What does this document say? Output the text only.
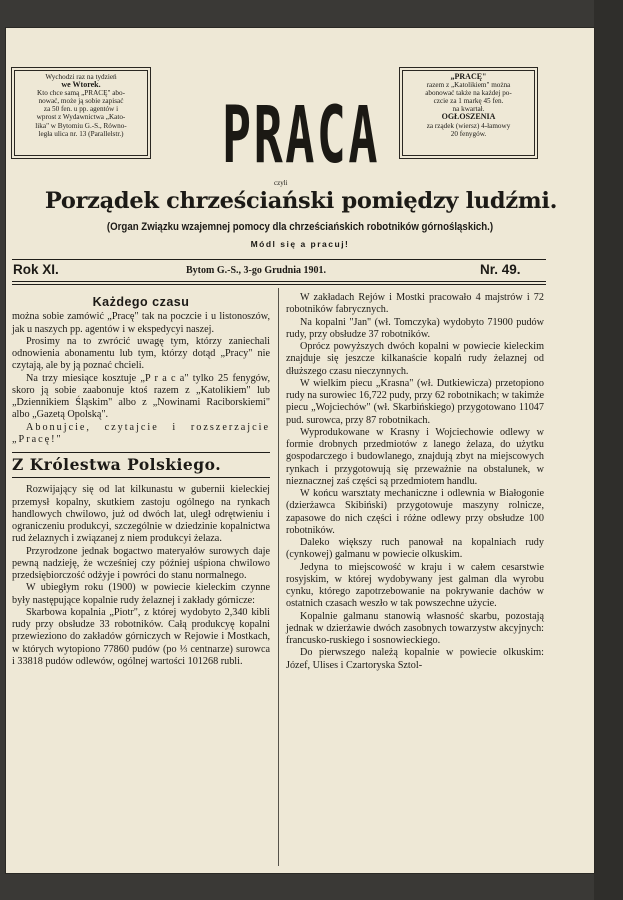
Wychodzi raz na tydzień
we Wtorek.
Kto chce samą „PRACĘ" abo-
nować, może ją sobie zapisać
za 50 fen. u pp. agentów i
wprost z Wydawnictwa „Kato-
lika" w Bytomiu G.-S., Równo-
legła ulica nr. 13 (Parallelstr.)
„PRACĘ"
razem z „Katolikiem" można
abonować także na każdej po-
czcie za 1 markę 45 fen.
na kwartał.
OGŁOSZENIA
za rządek (wiersz) 4-łamowy
20 fenygów.
PRACA
czyli
Porządek chrześciański pomiędzy ludźmi.
(Organ Związku wzajemnej pomocy dla chrześciańskich robotników górnośląskich.)
Módl się a pracuj!
Rok XI.	Bytom G.-S., 3-go Grudnia 1901.	Nr. 49.
Każdego czasu

można sobie zamówić „Pracę" tak na poczcie i u listonoszów, jak u naszych pp. agentów i w ekspedycyi naszej.

Prosimy na to zwrócić uwagę tym, którzy zaniechali odnowienia abonamentu lub tym, którzy dotąd „Pracy" nie czytają, ale by ją poznać chcieli.

Na trzy miesiące kosztuje „P r a c a" tylko 25 fenygów, skoro ją sobie zaabonuje ktoś razem z „Katolikiem" lub „Dziennikiem Śląskim" albo z „Nowinami Raciborskiemi" albo „Gazetą Opolską".

Abonujcie, czytajcie i rozszerzajcie „Pracę!"

Z Królestwa Polskiego.

Rozwijający się od lat kilkunastu w gubernii kieleckiej przemysł kopalny, skutkiem zastoju ogólnego na rynkach handlowych chwilowo, już od dwóch lat, uległ odrętwieniu i ograniczeniu produkcyi, szczególnie w dziedzinie kopalnictwa rud żelaznych i związanej z niem produkcyi żelaza.

Przyrodzone jednak bogactwo materyałów surowych daje pewną nadzieję, że wcześniej czy później uśpiona chwilowo przedsiębiorczość odżyje i powróci do stanu normalnego.

W ubiegłym roku (1900) w powiecie kieleckim czynne były następujące kopalnie rudy żelaznej i zakłady górnicze:

Skarbowa kopalnia „Piotr", z której wydobyto 2,340 kibli rudy przy obsłudze 33 robotników. Całą produkcyę kopalni przewieziono do zakładów górniczych w Rejowie i Mostkach, w których wytopiono 77860 pudów (po ⅓ centnarze) surowca i 33818 pudów odlewów, ogólnej wartości 101268 rubli.

W zakładach Rejów i Mostki pracowało 4 majstrów i 72 robotników fabrycznych.

Na kopalni "Jan" (wł. Tomczyka) wydobyto 71900 pudów rudy, przy obsłudze 37 robotników.

Oprócz powyższych dwóch kopalni w powiecie kieleckim znajduje się jeszcze kilkanaście kopalń rudy żelaznej od dłuższego czasu nieczynnych.

W wielkim piecu „Krasna" (wł. Dutkiewicza) przetopiono rudy na surowiec 16,722 pudy, przy 62 robotnikach; w takimże piecu „Wojciechów" (wł. Skarbińskiego) przygotowano 11047 pud. surowca, przy 87 robotnikach.

Wyprodukowane w Krasny i Wojciechowie odlewy w formie drobnych przedmiotów z lanego żelaza, do użytku gospodarczego i budowlanego, znajdują zbyt na miejscowych rynkach i przygotowują się przeważnie na obstalunek, w nieznacznej zaś części są przedmiotem handlu.

W końcu warsztaty mechaniczne i odlewnia w Białogonie (dzierżawca Skibiński) przygotowuje maszyny rolnicze, zapasowe do nich części i różne odlewy przy obsłudze 100 robotników.

Daleko większy ruch panował na kopalniach rudy (cynkowej) galmanu w powiecie olkuskim.

Jedyna to miejscowość w kraju i w całem cesarstwie rosyjskim, w której wydobywany jest galman dla wyrobu cynku, którego zapotrzebowanie na pokrywanie dachów w ostatnich czasach weszło w tak powszechne użycie.

Kopalnie galmanu stanowią własność skarbu, pozostają jednak w dzierżawie dwóch zasobnych towarzystw akcyjnych: francusko-ruskiego i sosnowieckiego.

Do pierwszego należą kopalnie w powiecie olkuskim: Józef, Ulises i Czartoryska Sztol-
